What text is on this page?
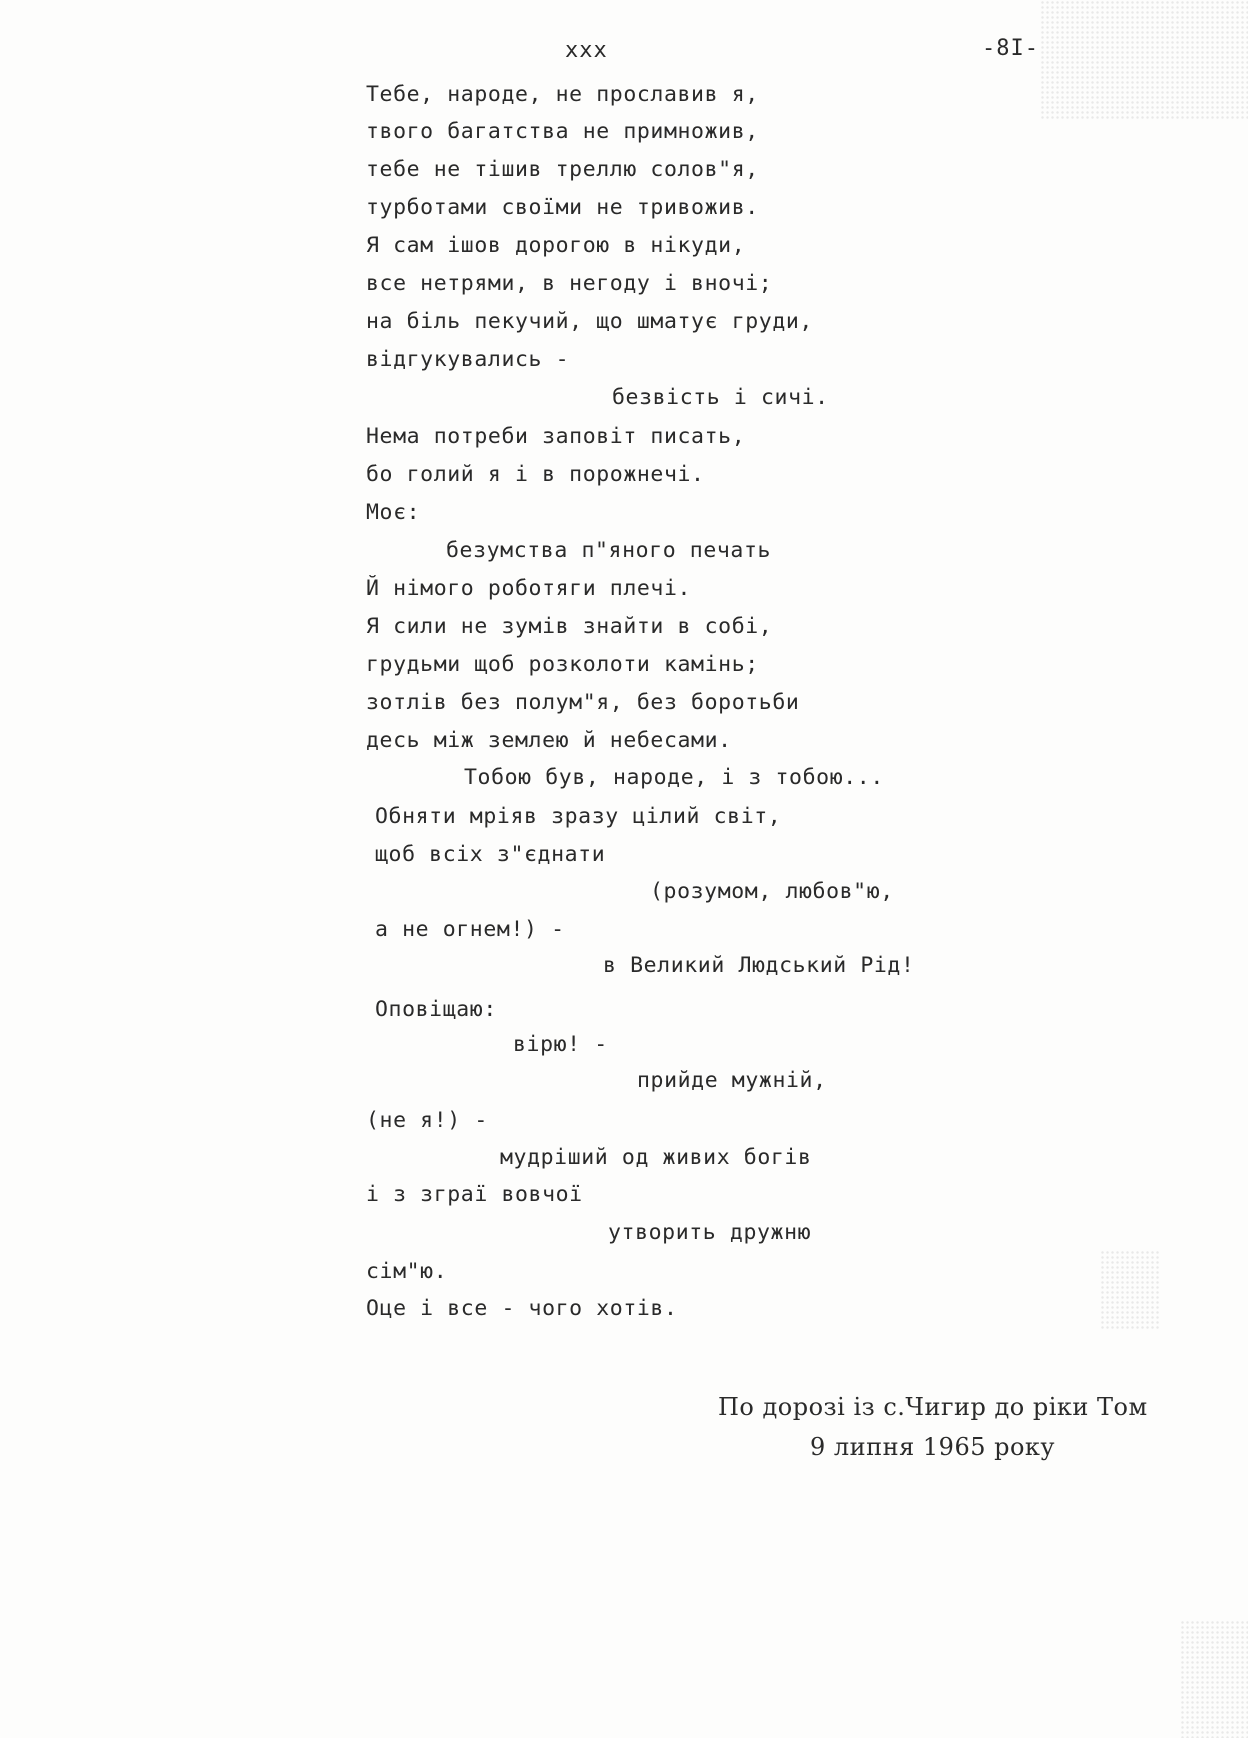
xxx	-8I-
Тебе, народе, не прославив я,
твого багатства не примножив,
тебе не тішив треллю солов"я,
турботами своїми не тривожив.
Я сам ішов дорогою в нікуди,
все нетрями, в негоду і вночі;
на біль пекучий, що шматує груди,
відгукувались -
безвість і сичі.
Нема потреби заповіт писать,
бо голий я і в порожнечі.
Моє:
безумства п"яного печать
Й німого роботяги плечі.
Я сили не зумів знайти в собі,
грудьми щоб розколоти камінь;
зотлів без полум"я, без боротьби
десь між землею й небесами.
Тобою був, народе, і з тобою...
Обняти мріяв зразу цілий світ,
щоб всіх з"єднати
(розумом, любов"ю,
а не огнем!) -
в Великий Людський Рід!
Оповіщаю:
вірю! -
прийде мужній,
(не я!) -
мудріший од живих богів
і з зграї вовчої
утворить дружню
сім"ю.
Оце і все - чого хотів.
По дорозі із с.Чигир до ріки Том
9 липня 1965 року
